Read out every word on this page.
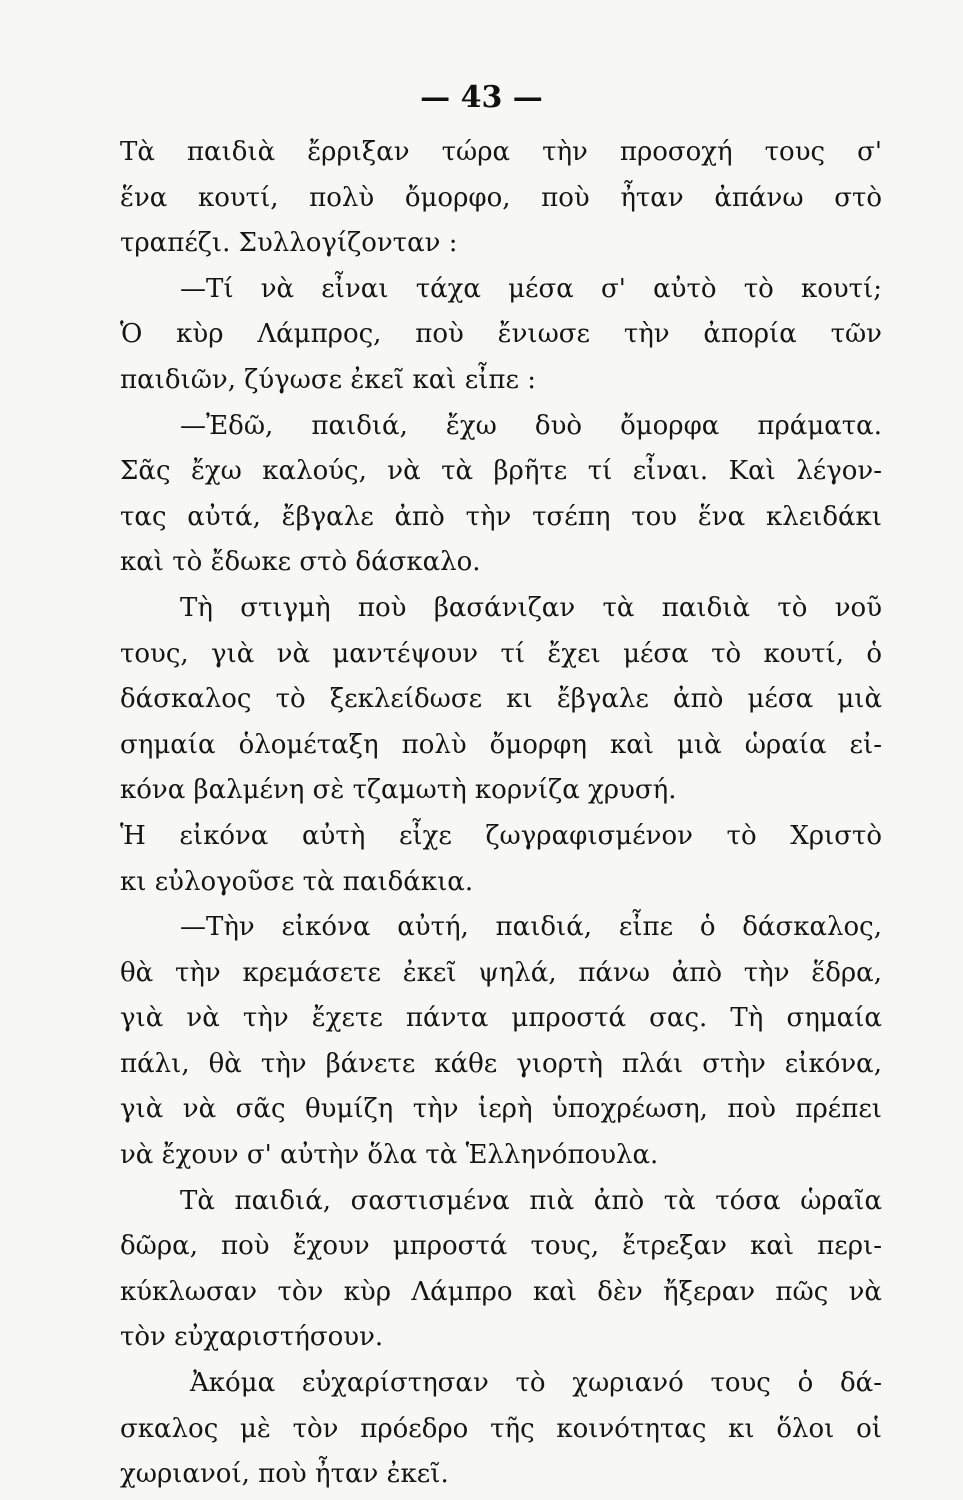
— 43 —
Τὰ παιδιὰ ἔρριξαν τώρα τὴν προσοχή τους σ'
ἕνα κουτί, πολὺ ὄμορφο, ποὺ ἦταν ἀπάνω στὸ
τραπέζι. Συλλογίζονταν :
—Τί νὰ εἶναι τάχα μέσα σ' αὐτὸ τὸ κουτί;
Ὁ κὺρ Λάμπρος, ποὺ ἔνιωσε τὴν ἀπορία τῶν
παιδιῶν, ζύγωσε ἐκεῖ καὶ εἶπε :
—Ἐδῶ, παιδιά, ἔχω δυὸ ὄμορφα πράματα.
Σᾶς ἔχω καλούς, νὰ τὰ βρῆτε τί εἶναι. Καὶ λέγον-
τας αὐτά, ἔβγαλε ἀπὸ τὴν τσέπη του ἕνα κλειδάκι
καὶ τὸ ἔδωκε στὸ δάσκαλο.
Τὴ στιγμὴ ποὺ βασάνιζαν τὰ παιδιὰ τὸ νοῦ
τους, γιὰ νὰ μαντέψουν τί ἔχει μέσα τὸ κουτί, ὁ
δάσκαλος τὸ ξεκλείδωσε κι ἔβγαλε ἀπὸ μέσα μιὰ
σημαία ὁλομέταξη πολὺ ὄμορφη καὶ μιὰ ὡραία εἰ-
κόνα βαλμένη σὲ τζαμωτὴ κορνίζα χρυσή.
Ἡ εἰκόνα αὐτὴ εἶχε ζωγραφισμένον τὸ Χριστὸ
κι εὐλογοῦσε τὰ παιδάκια.
—Τὴν εἰκόνα αὐτή, παιδιά, εἶπε ὁ δάσκαλος,
θὰ τὴν κρεμάσετε ἐκεῖ ψηλά, πάνω ἀπὸ τὴν ἕδρα,
γιὰ νὰ τὴν ἔχετε πάντα μπροστά σας. Τὴ σημαία
πάλι, θὰ τὴν βάνετε κάθε γιορτὴ πλάι στὴν εἰκόνα,
γιὰ νὰ σᾶς θυμίζη τὴν ἱερὴ ὑποχρέωση, ποὺ πρέπει
νὰ ἔχουν σ' αὐτὴν ὅλα τὰ Ἑλληνόπουλα.
Τὰ παιδιά, σαστισμένα πιὰ ἀπὸ τὰ τόσα ὡραῖα
δῶρα, ποὺ ἔχουν μπροστά τους, ἔτρεξαν καὶ περι-
κύκλωσαν τὸν κὺρ Λάμπρο καὶ δὲν ἤξεραν πῶς νὰ
τὸν εὐχαριστήσουν.
Ἀκόμα εὐχαρίστησαν τὸ χωριανό τους ὁ δά-
σκαλος μὲ τὸν πρόεδρο τῆς κοινότητας κι ὅλοι οἱ
χωριανοί, ποὺ ἦταν ἐκεῖ.
